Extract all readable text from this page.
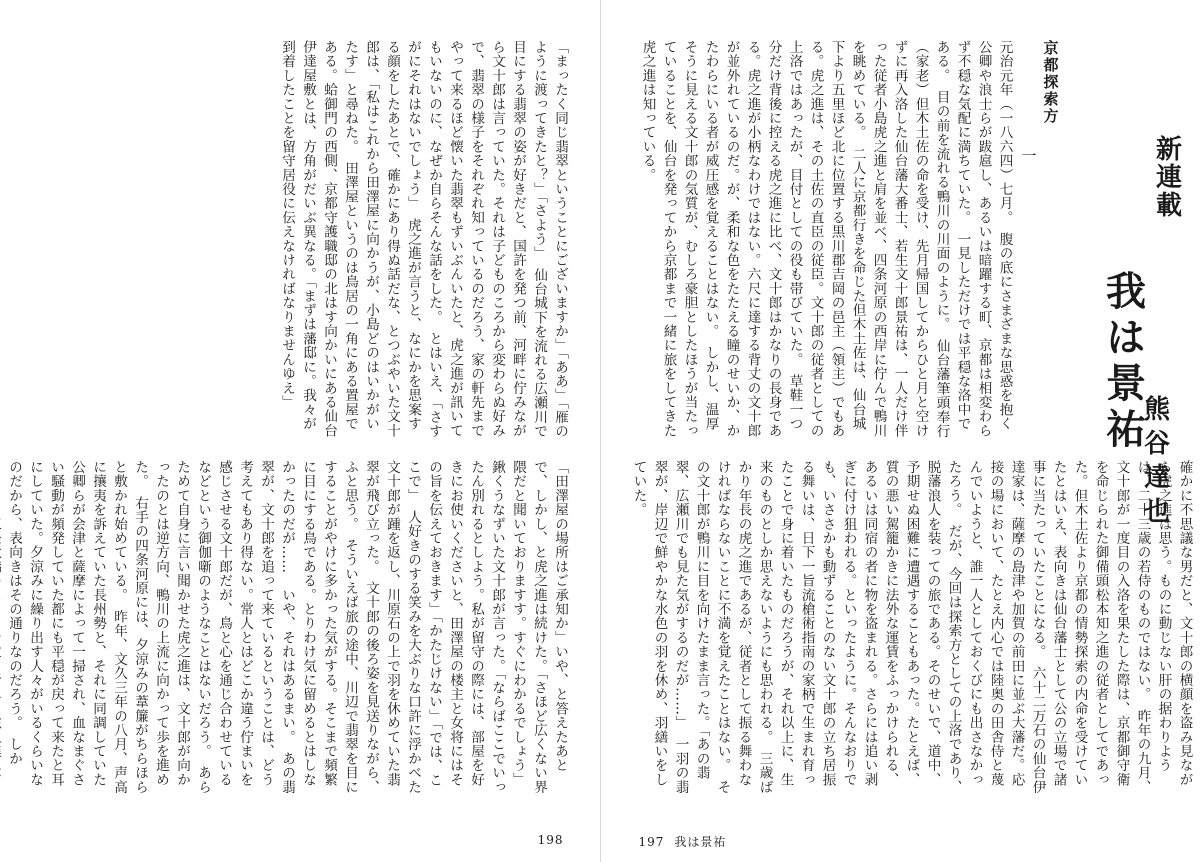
新連載
我は景祐
熊谷達也
京都探索方
一

元治元年（一八六四）七月。　腹の底にさまざまな思惑を抱く公卿や浪士らが跋扈し、あるいは暗躍する町、京都は相変わらず不穏な気配に満ちていた。　一見しただけでは平穏な洛中である。　目の前を流れる鴨川の川面のように。　仙台藩筆頭奉行（家老）但木土佐の命を受け、先月帰国してからひと月と空けずに再入洛した仙台藩大番士、若生文十郎景祐は、一人だけ伴った従者小島虎之進と肩を並べ、四条河原の西岸に佇んで鴨川を眺めている。　二人に京都行きを命じた但木土佐は、仙台城下より五里ほど北に位置する黒川郡吉岡の邑主（領主）でもある。虎之進は、その土佐の直臣の従臣。文十郎の従者としての上洛ではあったが、目付としての役も帯びていた。　草鞋一つ分だけ背後に控える虎之進に比べ、文十郎はかなりの長身である。虎之進が小柄なわけではない。六尺に達する背丈の文十郎が並外れているのだ。が、柔和な色をたたえる瞳のせいか、かたわらにいる者が威圧感を覚えることはない。　しかし、温厚そうに見える文十郎の気質が、むしろ豪胆としたほうが当たっていることを、仙台を発ってから京都まで一緒に旅をしてきた虎之進は知っている。

確かに不思議な男だと、文十郎の横顔を盗み見ながら虎之進は思う。ものに動じない肝の据わりようは、二十三歳の若侍のものではない。　昨年の九月、文十郎が一度目の入洛を果たした際は、京都御守衛を命じられた御備頭松本知之進の従者としてであった。但木土佐より京都の情勢探索の内命を受けていたとはいえ、表向きは仙台藩士として公の立場で諸事に当たっていたことになる。　六十二万石の仙台伊達家は、薩摩の島津や加賀の前田に並ぶ大藩だ。応接の場において、たとえ内心では陸奥の田舎侍と蔑んでいようと、誰一人としておくびにも出さなかったろう。　だが、今回は探索方としての上洛であり、脱藩浪人を装っての旅である。そのせいで、道中、予期せぬ困難に遭遇することもあった。たとえば、質の悪い駕籠かきに法外な運賃をふっかけられる、あるいは同宿の者に物を盗まれる。さらには追い剥ぎに付け狙われる。といったように。そんなおりでも、いささかも動ずることのない文十郎の立ち居振る舞いは、日下一旨流槍術指南の家柄で生まれ育ったことで身に着いたものだろうが、それ以上に、生来のものとしか思えないようにも思われる。　三歳ばかり年長の虎之進であるが、従者として振る舞わなければならないことに不満を覚えたことはない。　その文十郎が鴨川に目を向けたまま言った。「あの翡翠、広瀬川でも見た気がするのだが……」　一羽の翡翠が、岸辺で鮮やかな水色の羽を休め、羽繕いをしていた。

197 我は景祐

「まったく同じ翡翠ということにございますか」「ああ」「雁のように渡ってきたと？」「さよう」　仙台城下を流れる広瀬川で目にする翡翠の姿が好きだと、国許を発つ前、河畔に佇みながら文十郎は言っていた。それは子どものころから変わらぬ好みで、翡翠の様子をそれぞれ知っているのだろう、家の軒先までやって来るほど懐いた翡翠もずいぶんいたと、虎之進が訊いてもいないのに、なぜか自らそんな話をした。　とはいえ、「さすがにそれはないでしょう」　虎之進が言うと、なにかを思案する顔をしたあとで、確かにあり得ぬ話だな、とつぶやいた文十郎は、「私はこれから田澤屋に向かうが、小島どのはいかがいたす」と尋ねた。　田澤屋というのは鳥居の一角にある置屋である。蛤御門の西側、京都守護職邸の北はす向かいにある仙台伊達屋敷とは、方角がだいぶ異なる。「まずは藩邸に。我々が到着したことを留守居役に伝えなければなりませんゆえ」

「田澤屋の場所はご承知か」いや、と答えたあとで、しかし、と虎之進は続けた。「さほど広くない界隈だと聞いておりますす。すぐにわかるでしょう」　鍬くうなずいた文十郎が言った。「ならばここでいったん別れるとしよう。私が留守の際には、部屋を好きにお使いくださいと、田澤屋の楼主と女将にはその旨を伝えておきます」「かたじけない」「では、ここで」　人好きのする笑みを大ぶりな口許に浮かべた文十郎が踵を返し、川原石の上で羽を休めていた翡翠が飛び立った。　文十郎の後ろ姿を見送りながら、ふと思う。　そういえば旅の途中、川辺で翡翠を目にすることがやけに多かった気がする。そこまで頻繁に目にする鳥である。とりわけ気に留めるとはしなかったのだが……　いや、それはあるまい。　あの翡翠が、文十郎を追って来ているということは、どう考えてもあり得ない。常人とはどこか違う佇まいを感じさせる文十郎だが、鳥と心を通じ合わせているなどという御伽噺のようなことはないだろう。　あらためて自身に言い聞かせた虎之進は、文十郎が向かったのとは逆方向、鴨川の上流に向かって歩を進めた。　右手の四条河原には、夕涼みの葦簾がちらほらと敷かれ始めている。　昨年、文久三年の八月、声高に攘夷を訴えていた長州勢と、それに同調していた公卿らが会津と薩摩によって一掃され、血なまぐさい騒動が頻発していた都にも平穏が戻って来たと耳にしていた。夕涼みに繰り出す人々がいるくらいなのだから、表向きはその通りなのだろう。　しか　　　

198
